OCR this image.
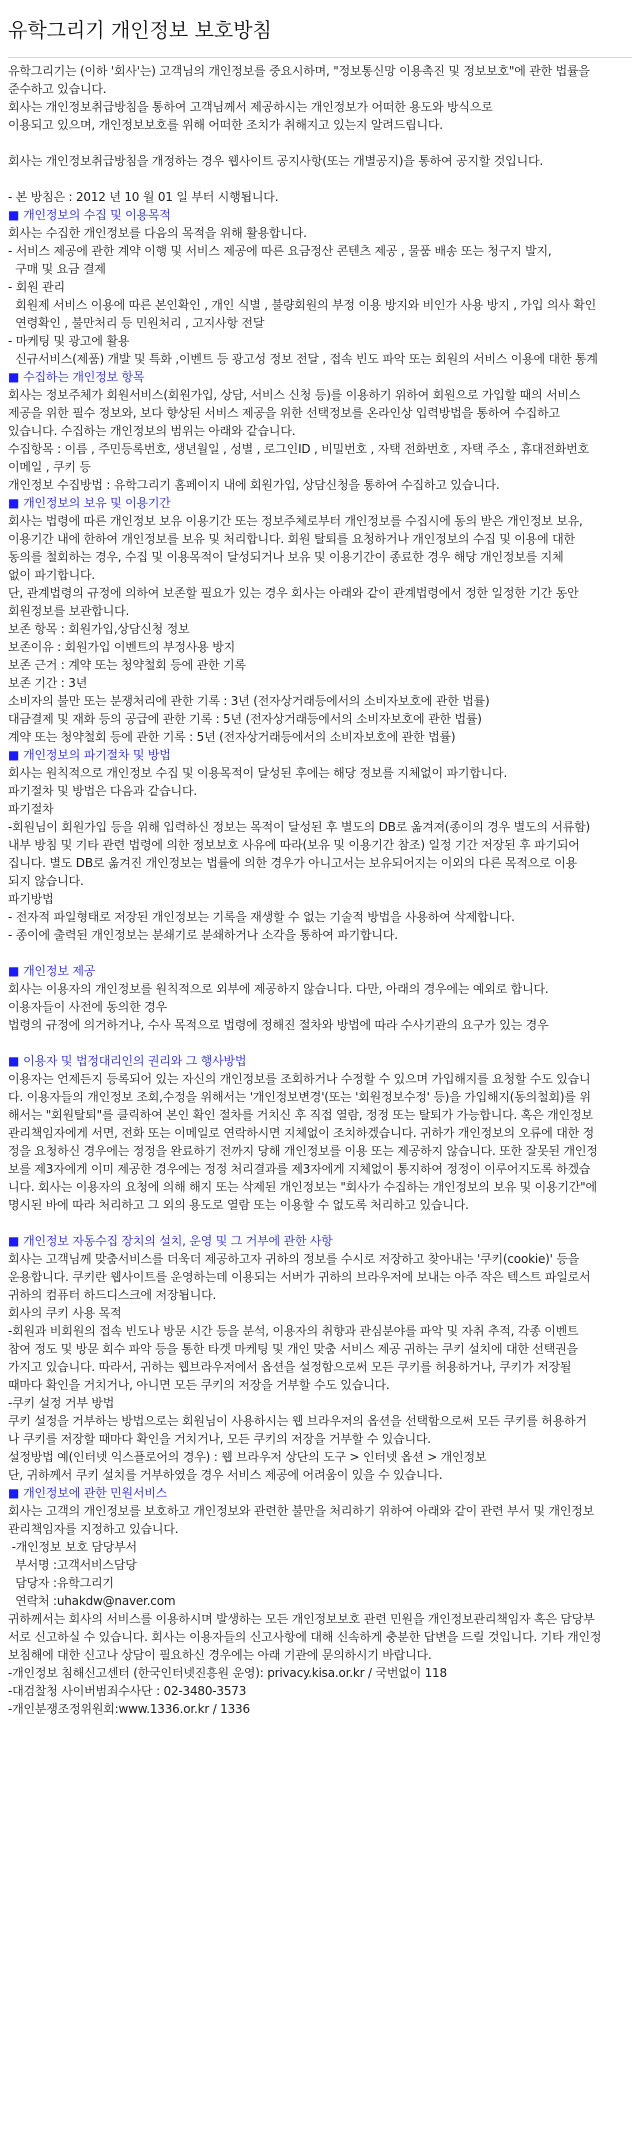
유학그리기 개인정보 보호방침

유학그리기는 (이하 '회사'는) 고객님의 개인정보를 중요시하며, "정보통신망 이용촉진 및 정보보호"에 관한 법률을

준수하고 있습니다.

회사는 개인정보취급방침을 통하여 고객님께서 제공하시는 개인정보가 어떠한 용도와 방식으로

이용되고 있으며, 개인정보보호를 위해 어떠한 조치가 취해지고 있는지 알려드립니다.

회사는 개인정보취급방침을 개정하는 경우 웹사이트 공지사항(또는 개별공지)을 통하여 공지할 것입니다.

- 본 방침은 : 2012 년 10 월 01 일 부터 시행됩니다.

■ 개인정보의 수집 및 이용목적

회사는 수집한 개인정보를 다음의 목적을 위해 활용합니다.

- 서비스 제공에 관한 계약 이행 및 서비스 제공에 따른 요금정산 콘텐츠 제공 , 물품 배송 또는 청구지 발지,

구매 및 요금 결제

- 회원 관리

회원제 서비스 이용에 따른 본인확인 , 개인 식별 , 불량회원의 부정 이용 방지와 비인가 사용 방지 , 가입 의사 확인

연령확인 , 불만처리 등 민원처리 , 고지사항 전달

- 마케팅 및 광고에 활용

신규서비스(제품) 개발 및 특화 ,이벤트 등 광고성 정보 전달 , 접속 빈도 파악 또는 회원의 서비스 이용에 대한 통계

■ 수집하는 개인정보 항목

회사는 정보주체가 회원서비스(회원가입, 상담, 서비스 신청 등)를 이용하기 위하여 회원으로 가입할 때의 서비스

제공을 위한 필수 정보와, 보다 향상된 서비스 제공을 위한 선택정보를 온라인상 입력방법을 통하여 수집하고

있습니다. 수집하는 개인정보의 범위는 아래와 같습니다.

수집항목 : 이름 , 주민등록번호, 생년월일 , 성별 , 로그인ID , 비밀번호 , 자택 전화번호 , 자택 주소 , 휴대전화번호

이메일 , 쿠키 등

개인정보 수집방법 : 유학그리기 홈페이지 내에 회원가입, 상담신청을 통하여 수집하고 있습니다.

■ 개인정보의 보유 및 이용기간

회사는 법령에 따른 개인정보 보유 이용기간 또는 정보주체로부터 개인정보를 수집시에 동의 받은 개인정보 보유,

이용기간 내에 한하여 개인정보를 보유 및 처리합니다. 회원 탈퇴를 요청하거나 개인정보의 수집 및 이용에 대한

동의를 철회하는 경우, 수집 및 이용목적이 달성되거나 보유 및 이용기간이 종료한 경우 해당 개인정보를 지체

없이 파기합니다.

단, 관계법령의 규정에 의하여 보존할 필요가 있는 경우 회사는 아래와 같이 관계법령에서 정한 일정한 기간 동안

회원정보를 보관합니다.

보존 항목 : 회원가입,상담신청 정보

보존이유 : 회원가입 이벤트의 부정사용 방지

보존 근거 : 계약 또는 청약철회 등에 관한 기록

보존 기간 : 3년

소비자의 불만 또는 분쟁처리에 관한 기록 : 3년 (전자상거래등에서의 소비자보호에 관한 법률)

대금결제 및 재화 등의 공급에 관한 기록 : 5년 (전자상거래등에서의 소비자보호에 관한 법률)

계약 또는 청약철회 등에 관한 기록 : 5년 (전자상거래등에서의 소비자보호에 관한 법률)

■ 개인정보의 파기절차 및 방법

회사는 원칙적으로 개인정보 수집 및 이용목적이 달성된 후에는 해당 정보를 지체없이 파기합니다.

파기절차 및 방법은 다음과 같습니다.

파기절차

-회원님이 회원가입 등을 위해 입력하신 정보는 목적이 달성된 후 별도의 DB로 옮겨져(종이의 경우 별도의 서류함)

내부 방침 및 기타 관련 법령에 의한 정보보호 사유에 따라(보유 및 이용기간 참조) 일정 기간 저장된 후 파기되어

집니다. 별도 DB로 옮겨진 개인정보는 법률에 의한 경우가 아니고서는 보유되어지는 이외의 다른 목적으로 이용

되지 않습니다.

파기방법

- 전자적 파일형태로 저장된 개인정보는 기록을 재생할 수 없는 기술적 방법을 사용하여 삭제합니다.

- 종이에 출력된 개인정보는 분쇄기로 분쇄하거나 소각을 통하여 파기합니다.

■ 개인정보 제공

회사는 이용자의 개인정보를 원칙적으로 외부에 제공하지 않습니다. 다만, 아래의 경우에는 예외로 합니다.

이용자들이 사전에 동의한 경우

법령의 규정에 의거하거나, 수사 목적으로 법령에 정해진 절차와 방법에 따라 수사기관의 요구가 있는 경우

■ 이용자 및 법정대리인의 권리와 그 행사방법

이용자는 언제든지 등록되어 있는 자신의 개인정보를 조회하거나 수정할 수 있으며 가입해지를 요청할 수도 있습니

다. 이용자들의 개인정보 조회,수정을 위해서는 '개인정보변경'(또는 '회원정보수정' 등)을 가입해지(동의철회)를 위

해서는 "회원탈퇴"를 클릭하여 본인 확인 절차를 거치신 후 직접 열람, 정정 또는 탈퇴가 가능합니다. 혹은 개인정보

관리책임자에게 서면, 전화 또는 이메일로 연락하시면 지체없이 조치하겠습니다. 귀하가 개인정보의 오류에 대한 정

정을 요청하신 경우에는 정정을 완료하기 전까지 당해 개인정보를 이용 또는 제공하지 않습니다. 또한 잘못된 개인정

보를 제3자에게 이미 제공한 경우에는 정정 처리결과를 제3자에게 지체없이 통지하여 정정이 이루어지도록 하겠습

니다. 회사는 이용자의 요청에 의해 해지 또는 삭제된 개인정보는 "회사가 수집하는 개인정보의 보유 및 이용기간"에

명시된 바에 따라 처리하고 그 외의 용도로 열람 또는 이용할 수 없도록 처리하고 있습니다.

■ 개인정보 자동수집 장치의 설치, 운영 및 그 거부에 관한 사항

회사는 고객님께 맞춤서비스를 더욱더 제공하고자 귀하의 정보를 수시로 저장하고 찾아내는 '쿠키(cookie)' 등을

운용합니다. 쿠키란 웹사이트를 운영하는데 이용되는 서버가 귀하의 브라우저에 보내는 아주 작은 텍스트 파일로서

귀하의 컴퓨터 하드디스크에 저장됩니다.

회사의 쿠키 사용 목적

-회원과 비회원의 접속 빈도나 방문 시간 등을 분석, 이용자의 취향과 관심분야를 파악 및 자취 추적, 각종 이벤트

참여 정도 및 방문 회수 파악 등을 통한 타겟 마케팅 및 개인 맞춤 서비스 제공 귀하는 쿠키 설치에 대한 선택권을

가지고 있습니다. 따라서, 귀하는 웹브라우저에서 옵션을 설정함으로써 모든 쿠키를 허용하거나, 쿠키가 저장될

때마다 확인을 거치거나, 아니면 모든 쿠키의 저장을 거부할 수도 있습니다.

-쿠키 설정 거부 방법

쿠키 설정을 거부하는 방법으로는 회원님이 사용하시는 웹 브라우저의 옵션을 선택함으로써 모든 쿠키를 허용하거

나 쿠키를 저장할 때마다 확인을 거치거나, 모든 쿠키의 저장을 거부할 수 있습니다.

설정방법 예(인터넷 익스플로어의 경우) : 웹 브라우저 상단의 도구 > 인터넷 옵션 > 개인정보

단, 귀하께서 쿠키 설치를 거부하였을 경우 서비스 제공에 어려움이 있을 수 있습니다.

■ 개인정보에 관한 민원서비스

회사는 고객의 개인정보를 보호하고 개인정보와 관련한 불만을 처리하기 위하여 아래와 같이 관련 부서 및 개인정보

관리책임자를 지정하고 있습니다.

-개인정보 보호 담당부서

부서명 :고객서비스담당

담당자 :유학그리기

연락처 :uhakdw@naver.com

귀하께서는 회사의 서비스를 이용하시며 발생하는 모든 개인정보보호 관련 민원을 개인정보관리책임자 혹은 담당부

서로 신고하실 수 있습니다. 회사는 이용자들의 신고사항에 대해 신속하게 충분한 답변을 드릴 것입니다. 기타 개인정

보침해에 대한 신고나 상담이 필요하신 경우에는 아래 기관에 문의하시기 바랍니다.

-개인정보 침해신고센터 (한국인터넷진흥원 운영): privacy.kisa.or.kr / 국번없이 118

-대검찰청 사이버범죄수사단 : 02-3480-3573

-개인분쟁조정위원회:www.1336.or.kr / 1336
